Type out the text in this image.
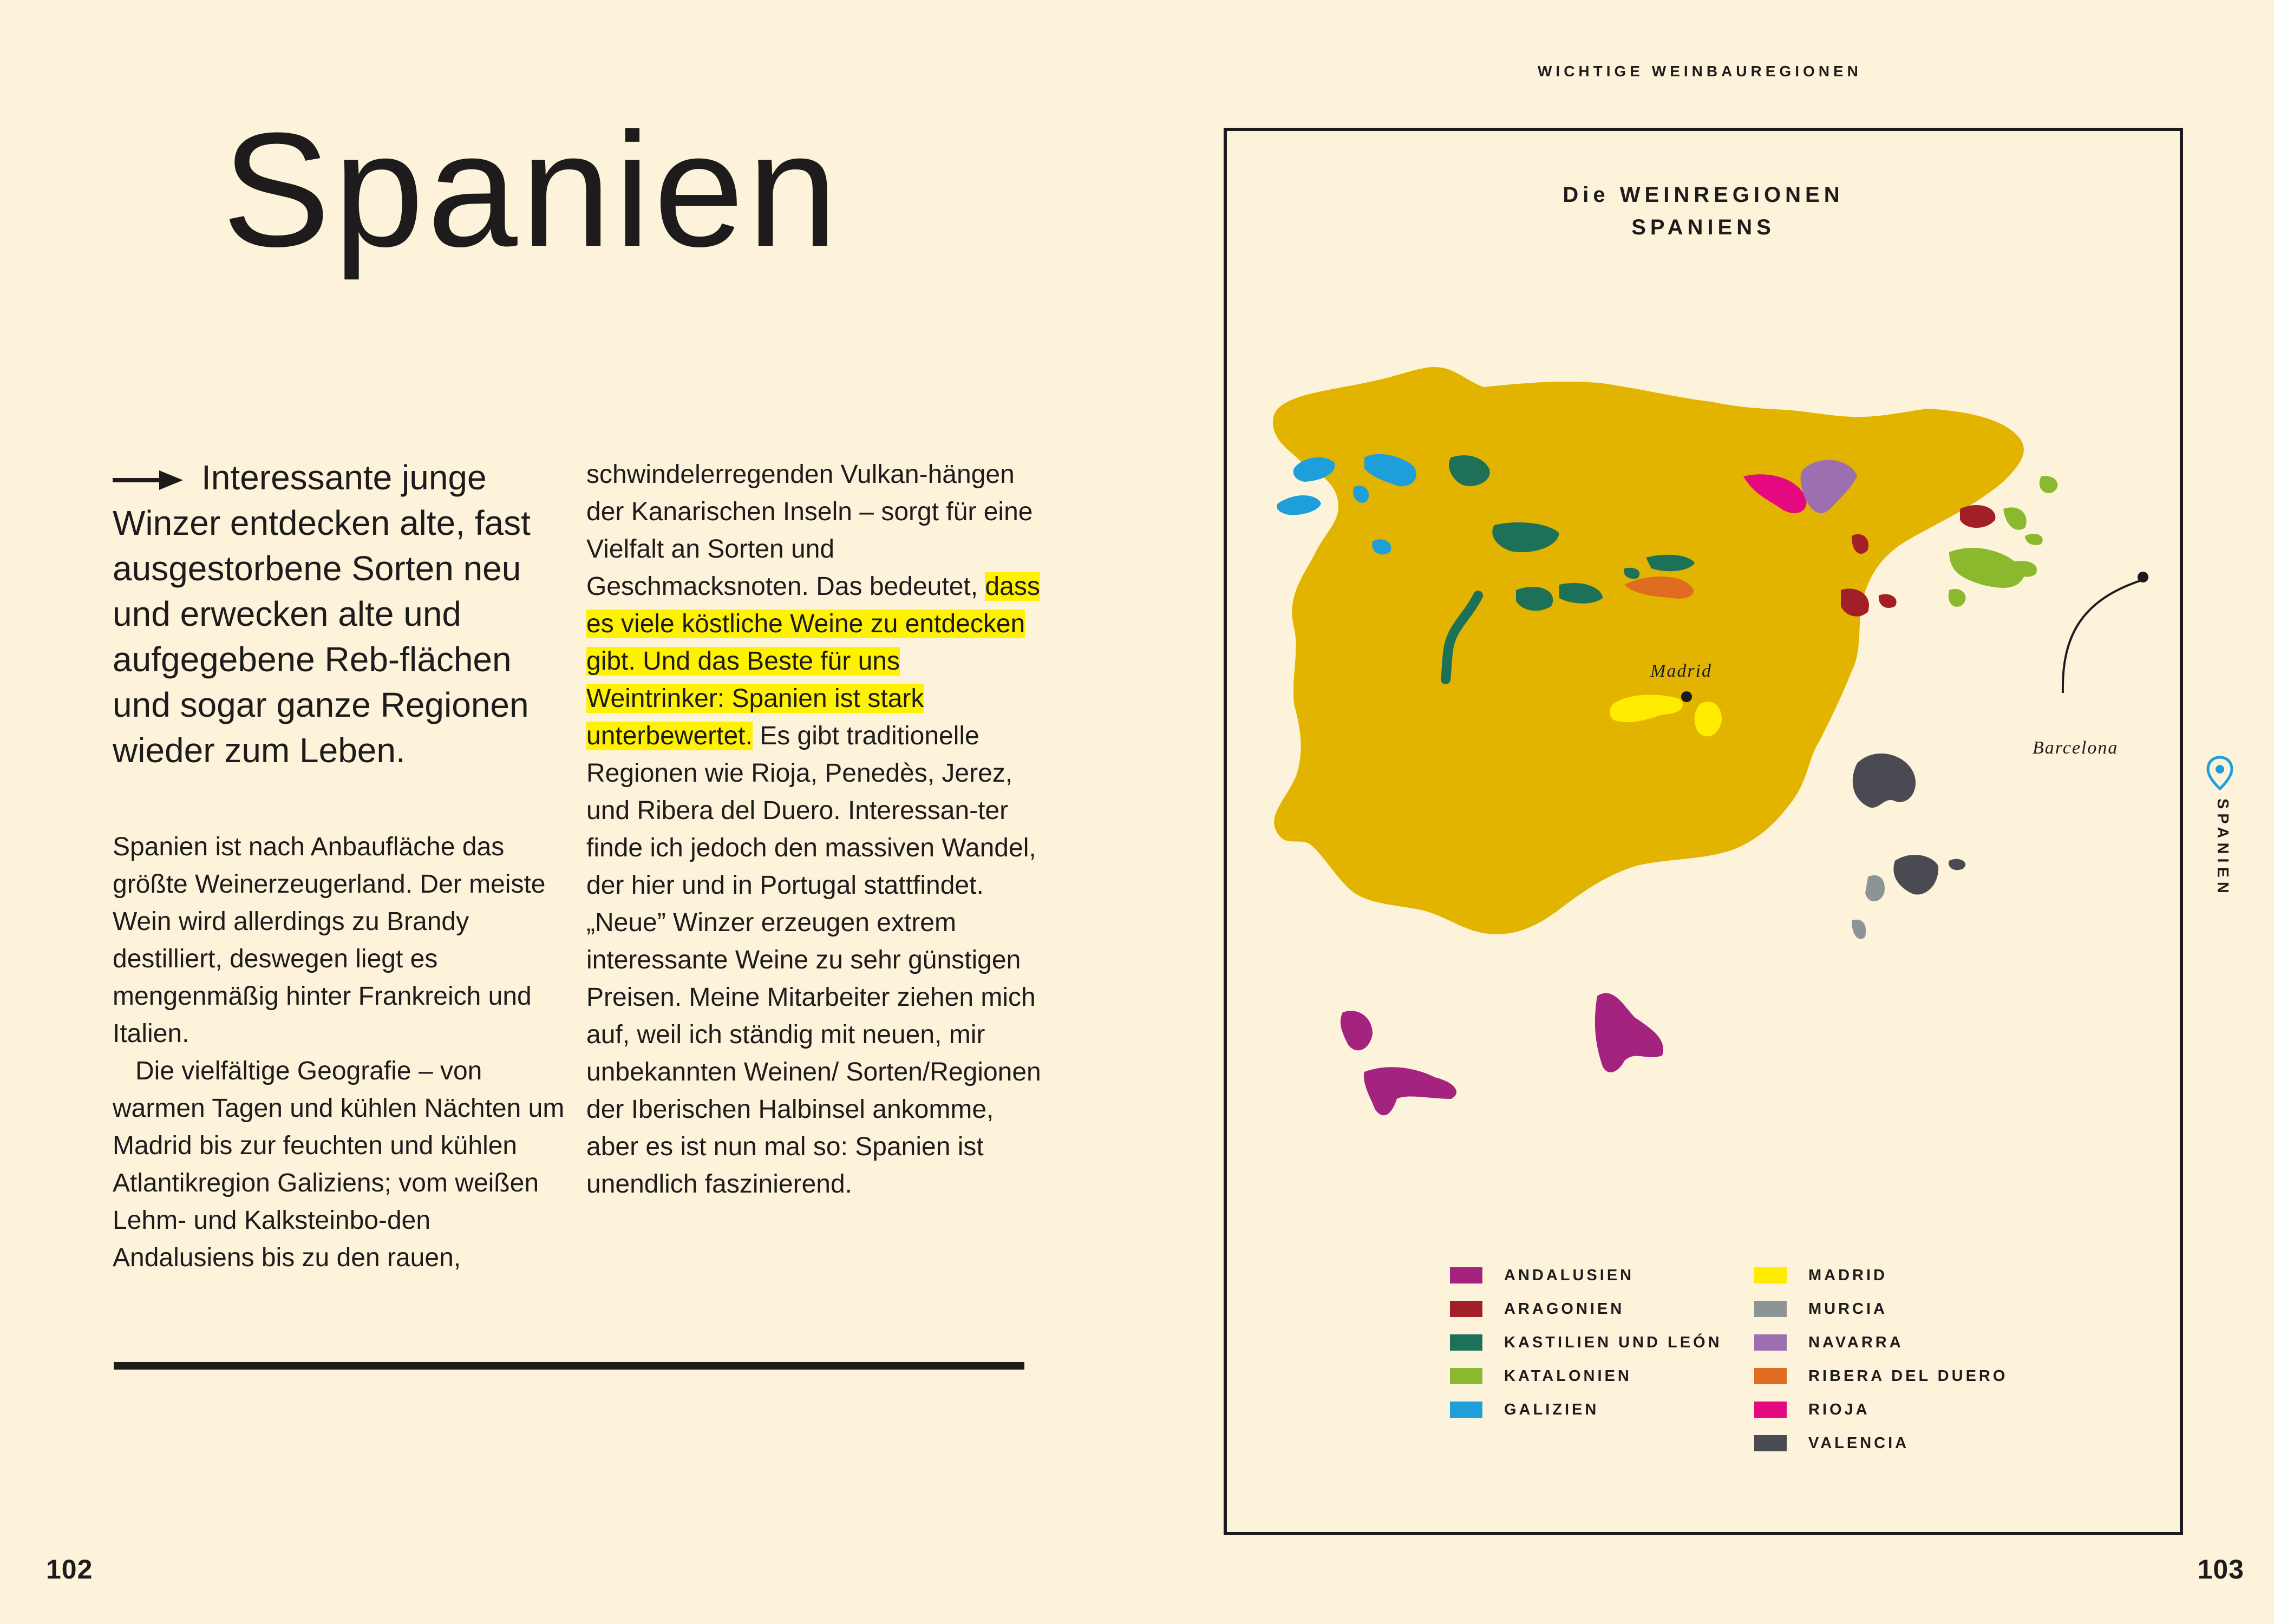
Spanien
Interessante junge Winzer entdecken alte, fast ausgestorbene Sorten neu und erwecken alte und aufgegebene Reb-flächen und sogar ganze Regionen wieder zum Leben.

Spanien ist nach Anbaufläche das größte Weinerzeugerland. Der meiste Wein wird allerdings zu Brandy destilliert, deswegen liegt es mengenmäßig hinter Frankreich und Italien.

Die vielfältige Geografie – von warmen Tagen und kühlen Nächten um Madrid bis zur feuchten und kühlen Atlantikregion Galiziens; vom weißen Lehm- und Kalksteinbo-den Andalusiens bis zu den rauen,

schwindelerregenden Vulkan-hängen der Kanarischen Inseln – sorgt für eine Vielfalt an Sorten und Geschmacksnoten. Das bedeutet, dass es viele köstliche Weine zu entdecken gibt. Und das Beste für uns Weintrinker: Spanien ist stark unterbewertet. Es gibt traditionelle Regionen wie Rioja, Penedès, Jerez, und Ribera del Duero. Interessan-ter finde ich jedoch den massiven Wandel, der hier und in Portugal stattfindet. „Neue” Winzer erzeugen extrem interessante Weine zu sehr günstigen Preisen. Meine Mitarbeiter ziehen mich auf, weil ich ständig mit neuen, mir unbekannten Weinen/ Sorten/Regionen der Iberischen Halbinsel ankomme, aber es ist nun mal so: Spanien ist unendlich faszinierend.

102
WICHTIGE WEINBAUREGIONEN
Die WEINREGIONEN
SPANIENS
Madrid
Barcelona
ANDALUSIEN
ARAGONIEN
KASTILIEN UND LEÓN
KATALONIEN
GALIZIEN
MADRID
MURCIA
NAVARRA
RIBERA DEL DUERO
RIOJA
VALENCIA
SPANIEN
103
